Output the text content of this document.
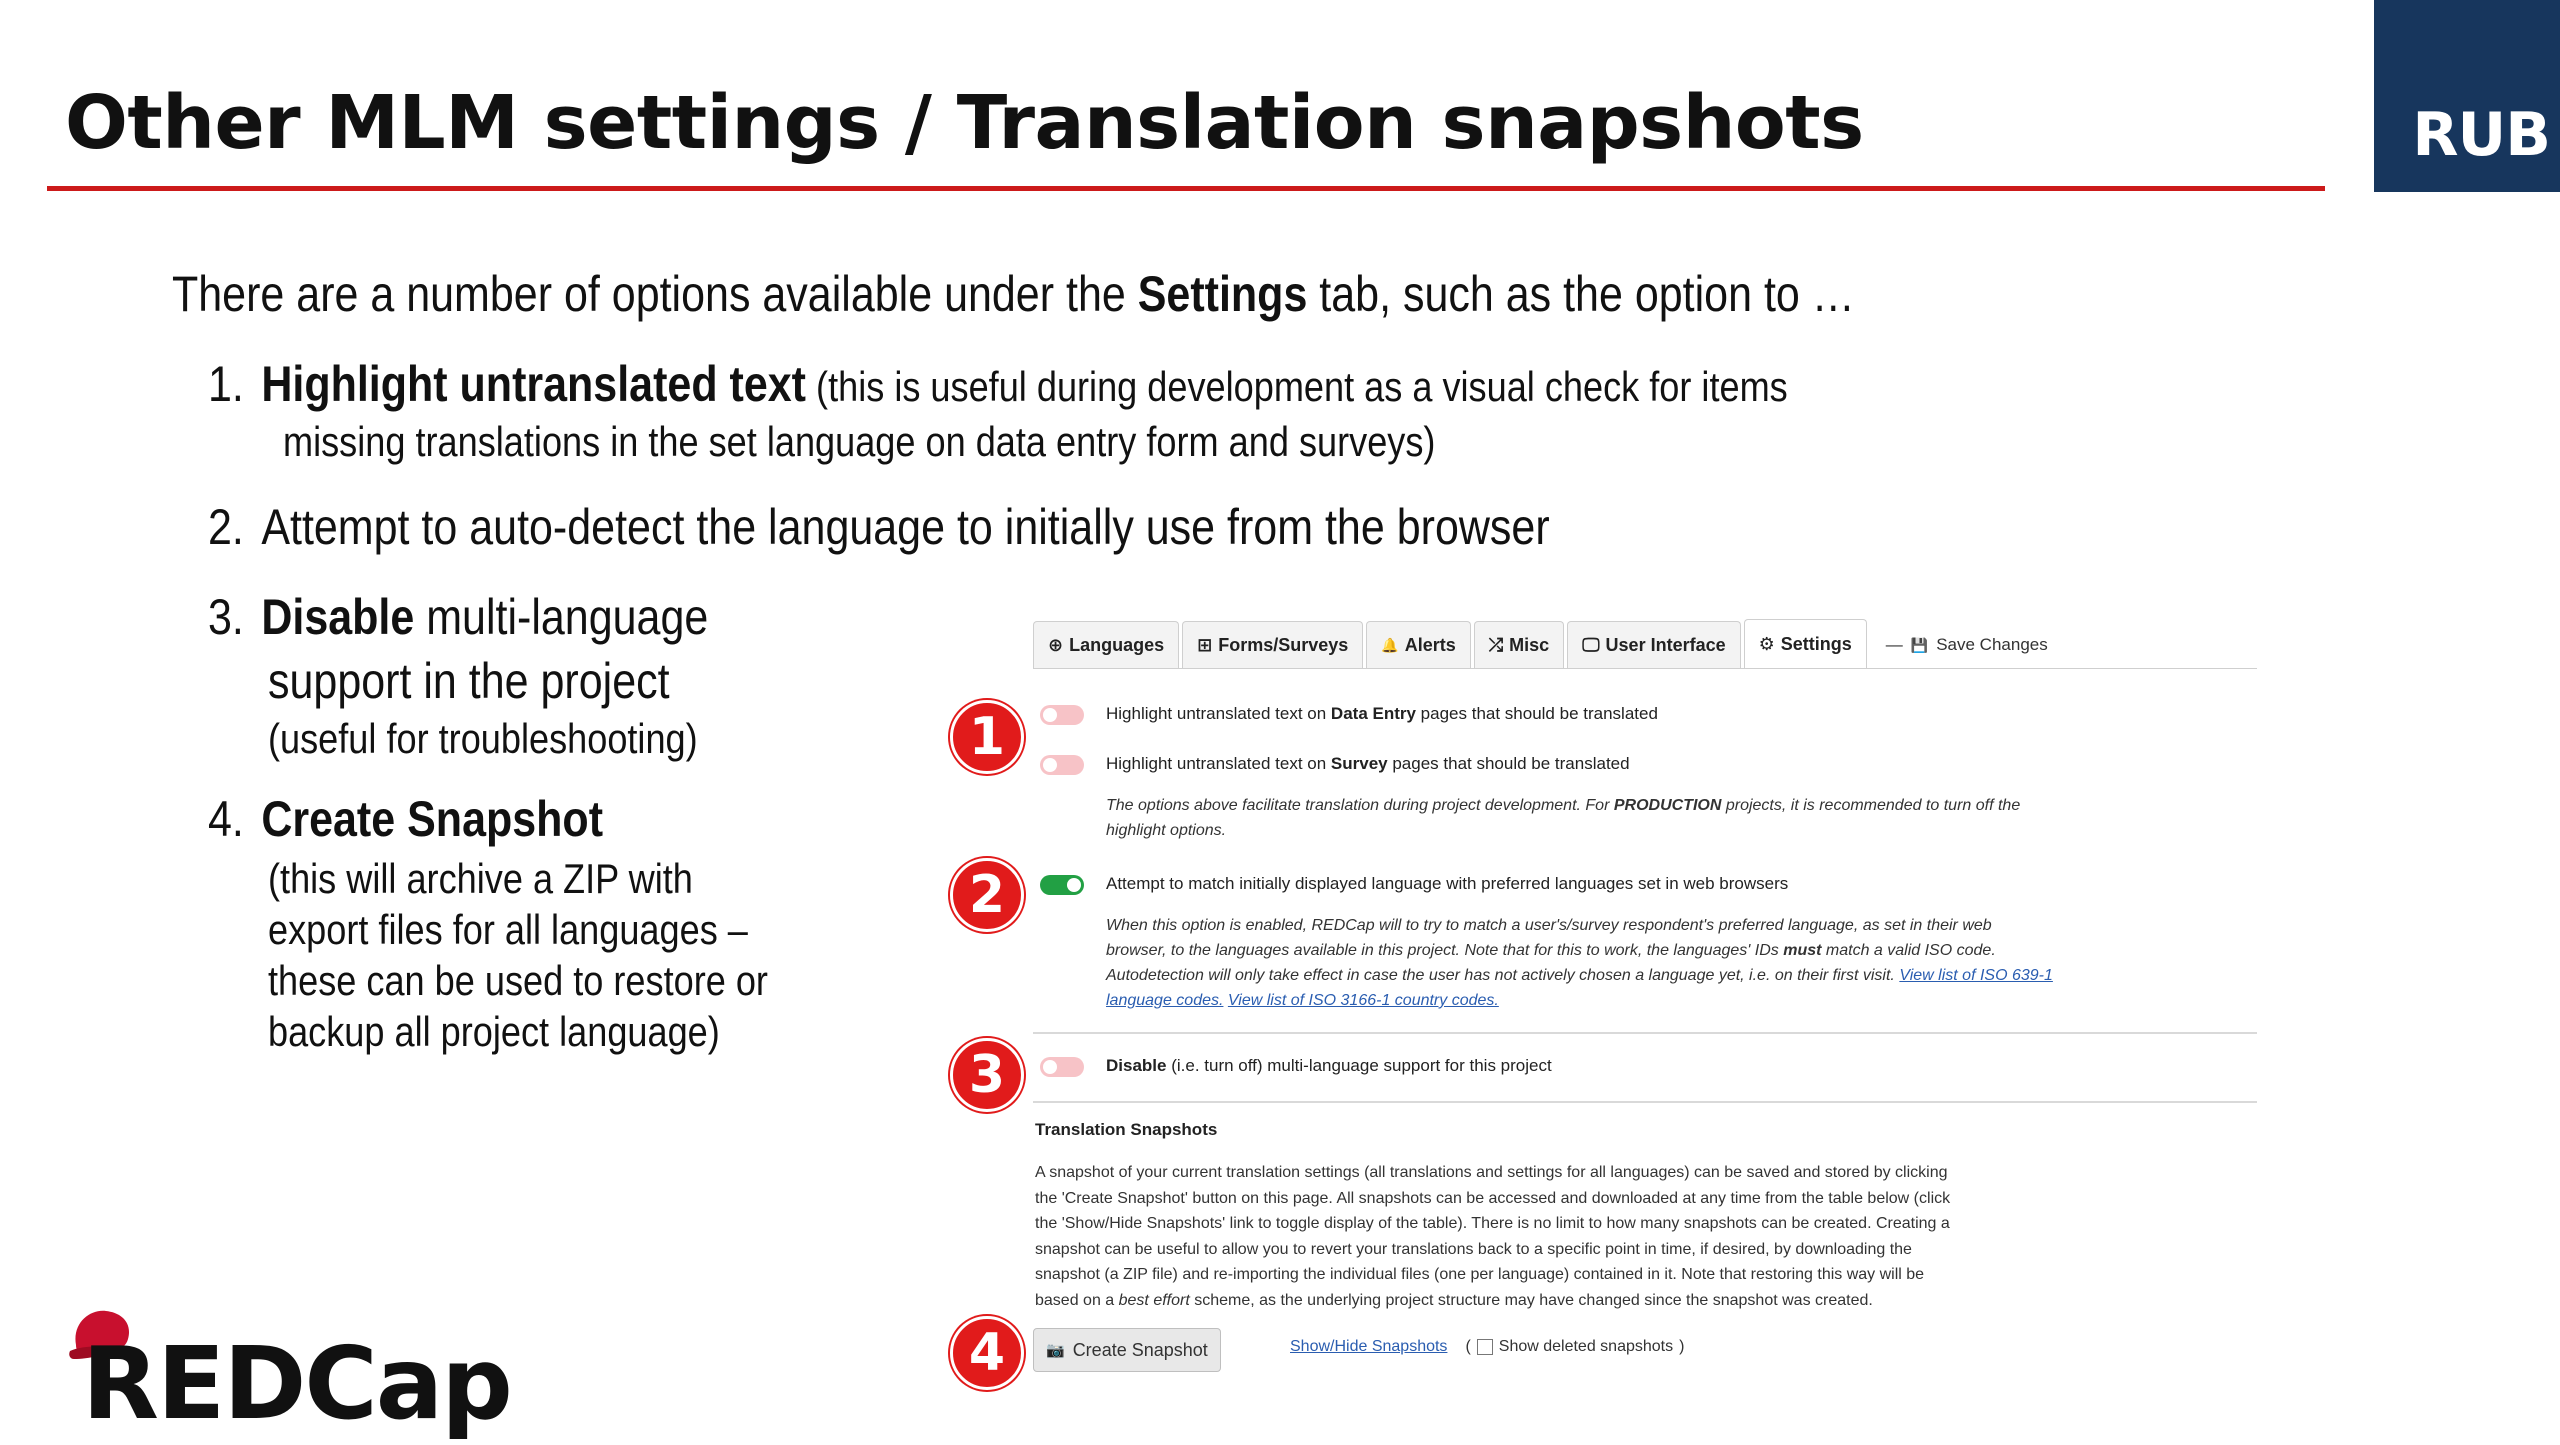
Other MLM settings / Translation snapshots	RUB
There are a number of options available under the Settings tab, such as the option to …
1. Highlight untranslated text (this is useful during development as a visual check for items
missing translations in the set language on data entry form and surveys)
2. Attempt to auto-detect the language to initially use from the browser
3. Disable multi-language
support in the project
(useful for troubleshooting)
4. Create Snapshot
(this will archive a ZIP with
export files for all languages –
these can be used to restore or
backup all project language)
REDCap
⊕ Languages ⊞ Forms/Surveys 🔔 Alerts ⤮ Misc 🖵 User Interface ⚙ Settings — 💾 Save Changes
1	Highlight untranslated text on Data Entry pages that should be translated
Highlight untranslated text on Survey pages that should be translated
The options above facilitate translation during project development. For PRODUCTION projects, it is recommended to turn off the
highlight options.
2	Attempt to match initially displayed language with preferred languages set in web browsers
When this option is enabled, REDCap will to try to match a user's/survey respondent's preferred language, as set in their web
browser, to the languages available in this project. Note that for this to work, the languages' IDs must match a valid ISO code.
Autodetection will only take effect in case the user has not actively chosen a language yet, i.e. on their first visit. View list of ISO 639-1
language codes. View list of ISO 3166-1 country codes.
3	Disable (i.e. turn off) multi-language support for this project
Translation Snapshots
A snapshot of your current translation settings (all translations and settings for all languages) can be saved and stored by clicking
the 'Create Snapshot' button on this page. All snapshots can be accessed and downloaded at any time from the table below (click
the 'Show/Hide Snapshots' link to toggle display of the table). There is no limit to how many snapshots can be created. Creating a
snapshot can be useful to allow you to revert your translations back to a specific point in time, if desired, by downloading the
snapshot (a ZIP file) and re-importing the individual files (one per language) contained in it. Note that restoring this way will be
based on a best effort scheme, as the underlying project structure may have changed since the snapshot was created.
4	📷 Create Snapshot	Show/Hide Snapshots ( Show deleted snapshots )
